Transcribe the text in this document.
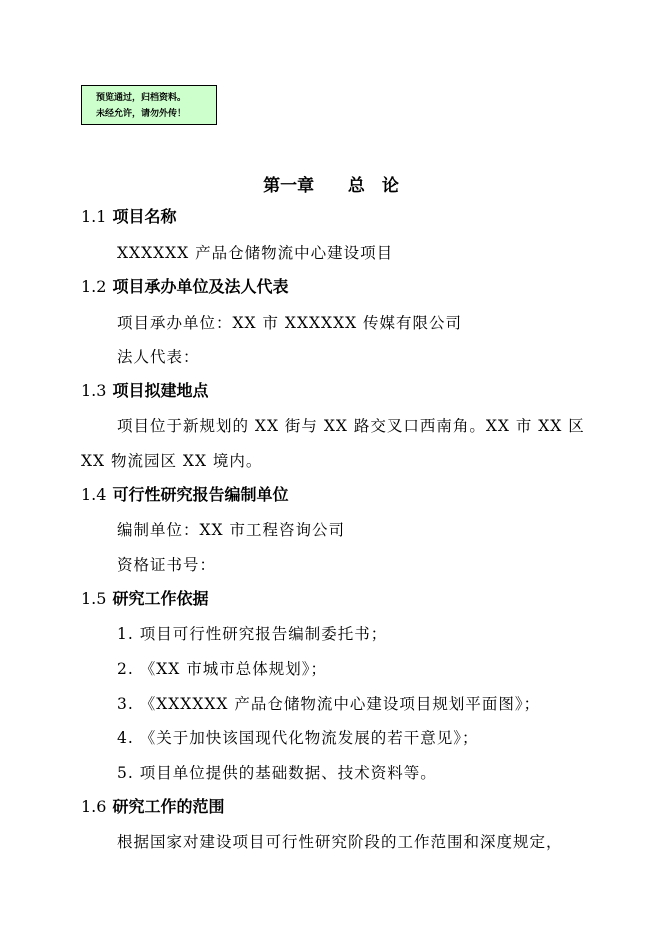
预览通过，归档资料。
未经允许，请勿外传！
第一章 总　论
1.1 项目名称
XXXXXX 产品仓储物流中心建设项目
1.2 项目承办单位及法人代表
项目承办单位：XX 市 XXXXXX 传媒有限公司
法人代表：
1.3 项目拟建地点
项目位于新规划的 XX 街与 XX 路交叉口西南角。XX 市 XX 区
XX 物流园区 XX 境内。
1.4 可行性研究报告编制单位
编制单位：XX 市工程咨询公司
资格证书号：
1.5 研究工作依据
1. 项目可行性研究报告编制委托书；
2. 《XX 市城市总体规划》；
3. 《XXXXXX 产品仓储物流中心建设项目规划平面图》；
4. 《关于加快该国现代化物流发展的若干意见》；
5. 项目单位提供的基础数据、技术资料等。
1.6 研究工作的范围
根据国家对建设项目可行性研究阶段的工作范围和深度规定，
